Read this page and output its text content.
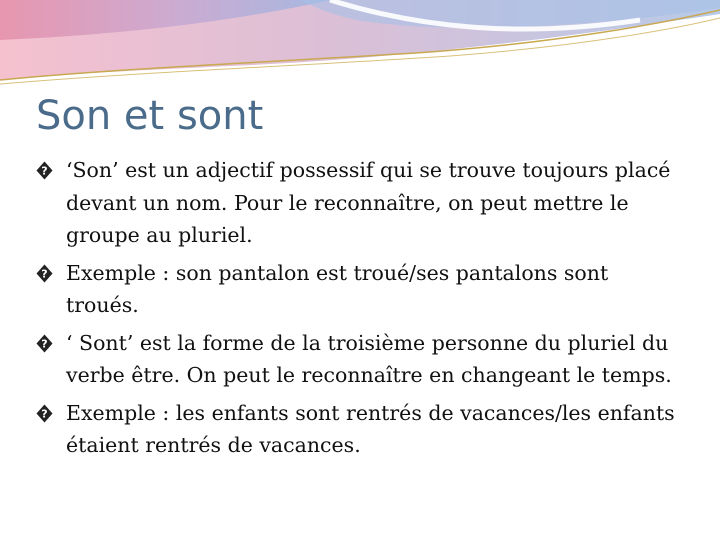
Son et sont
? ‘Son’ est un adjectif possessif qui se trouve toujours placé devant un nom. Pour le reconnaître, on peut mettre le groupe au pluriel.
? Exemple : son pantalon est troué/ses pantalons sont troués.
? ‘ Sont’ est la forme de la troisième personne du pluriel du verbe être. On peut le reconnaître en changeant le temps.
? Exemple : les enfants sont rentrés de vacances/les enfants étaient rentrés de vacances.
